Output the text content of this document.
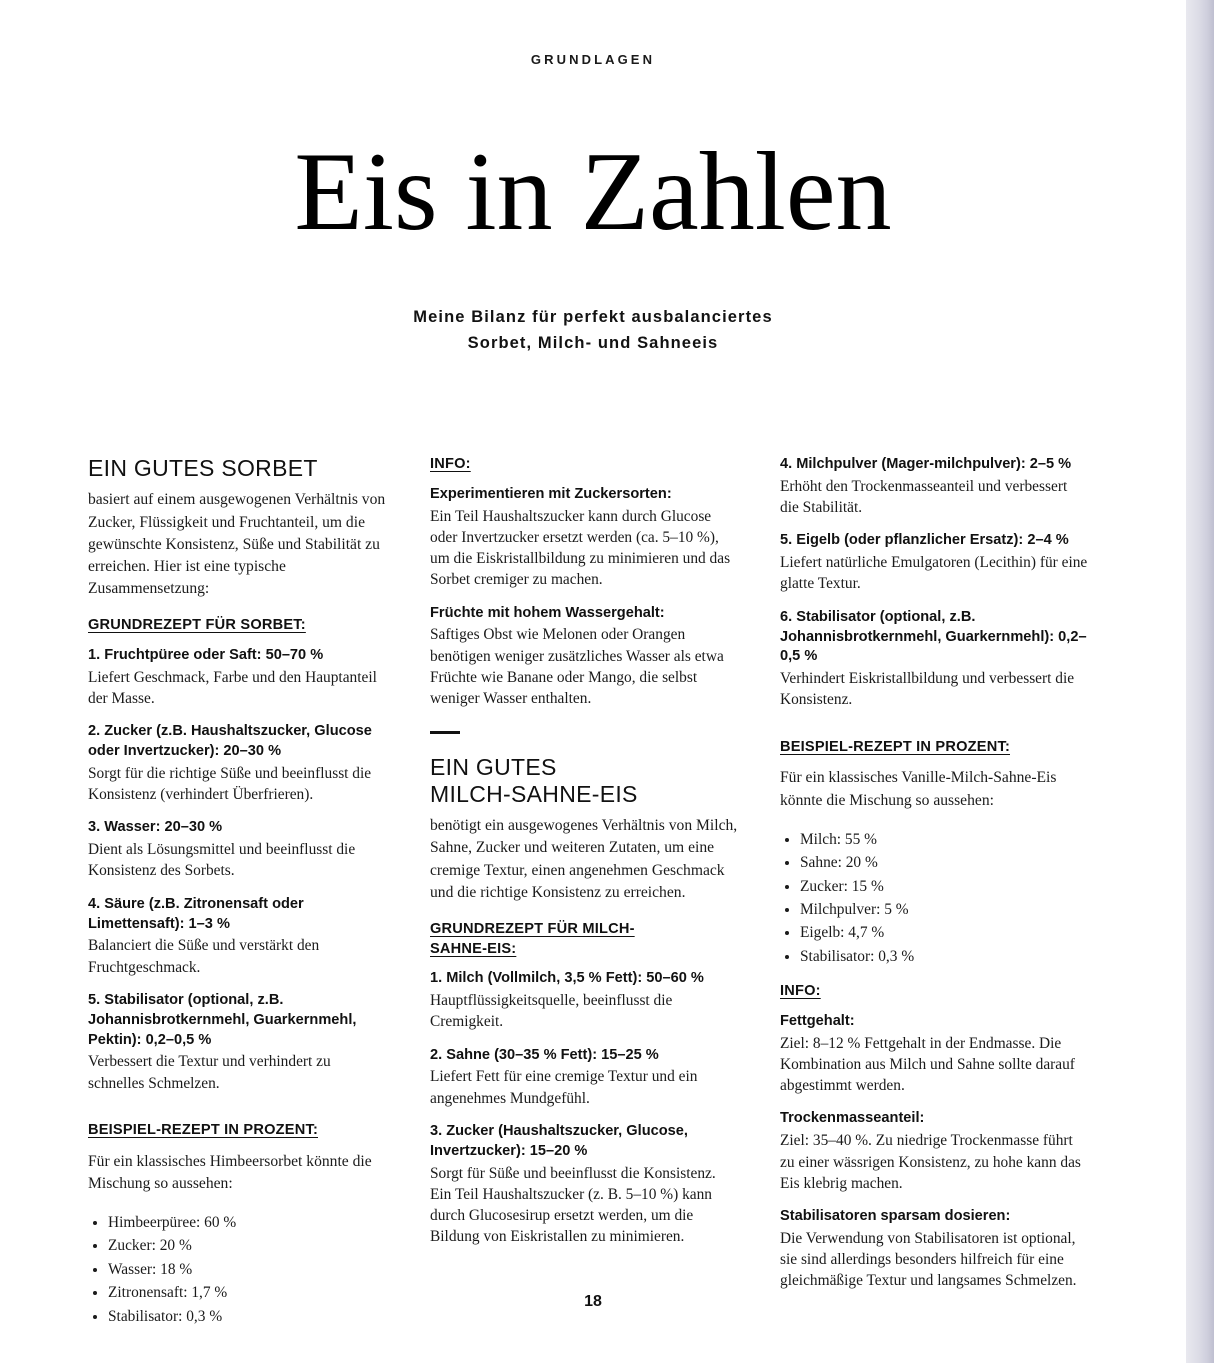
GRUNDLAGEN
Eis in Zahlen
Meine Bilanz für perfekt ausbalanciertes
Sorbet, Milch- und Sahneeis
EIN GUTES SORBET

basiert auf einem ausgewogenen Verhältnis von Zucker, Flüssigkeit und Fruchtanteil, um die gewünschte Konsistenz, Süße und Stabilität zu erreichen. Hier ist eine typische Zusammensetzung:

GRUNDREZEPT FÜR SORBET:
1. Fruchtpüree oder Saft: 50–70 %
Liefert Geschmack, Farbe und den Hauptanteil der Masse.
2. Zucker (z.B. Haushaltszucker, Glucose oder Invertzucker): 20–30 %
Sorgt für die richtige Süße und beeinflusst die Konsistenz (verhindert Überfrieren).
3. Wasser: 20–30 %
Dient als Lösungsmittel und beeinflusst die Konsistenz des Sorbets.
4. Säure (z.B. Zitronensaft oder Limettensaft): 1–3 %
Balanciert die Süße und verstärkt den Fruchtgeschmack.
5. Stabilisator (optional, z.B. Johannisbrotkernmehl, Guarkernmehl, Pektin): 0,2–0,5 %
Verbessert die Textur und verhindert zu schnelles Schmelzen.
BEISPIEL-REZEPT IN PROZENT:

Für ein klassisches Himbeersorbet könnte die Mischung so aussehen:

• Himbeerpüree: 60 %
• Zucker: 20 %
• Wasser: 18 %
• Zitronensaft: 1,7 %
• Stabilisator: 0,3 %
INFO:
Experimentieren mit Zuckersorten:
Ein Teil Haushaltszucker kann durch Glucose oder Invertzucker ersetzt werden (ca. 5–10 %), um die Eiskristallbildung zu minimieren und das Sorbet cremiger zu machen.
Früchte mit hohem Wassergehalt:
Saftiges Obst wie Melonen oder Orangen benötigen weniger zusätzliches Wasser als etwa Früchte wie Banane oder Mango, die selbst weniger Wasser enthalten.
EIN GUTES
MILCH-SAHNE-EIS

benötigt ein ausgewogenes Verhältnis von Milch, Sahne, Zucker und weiteren Zutaten, um eine cremige Textur, einen angenehmen Geschmack und die richtige Konsistenz zu erreichen.

GRUNDREZEPT FÜR MILCH-
SAHNE-EIS:
1. Milch (Vollmilch, 3,5 % Fett): 50–60 %
Hauptflüssigkeitsquelle, beeinflusst die Cremigkeit.
2. Sahne (30–35 % Fett): 15–25 %
Liefert Fett für eine cremige Textur und ein angenehmes Mundgefühl.
3. Zucker (Haushaltszucker, Glucose, Invertzucker): 15–20 %
Sorgt für Süße und beeinflusst die Konsistenz. Ein Teil Haushaltszucker (z. B. 5–10 %) kann durch Glucosesirup ersetzt werden, um die Bildung von Eiskristallen zu minimieren.
4. Milchpulver (Mager-milchpulver): 2–5 %
Erhöht den Trockenmasseanteil und verbessert die Stabilität.
5. Eigelb (oder pflanzlicher Ersatz): 2–4 %
Liefert natürliche Emulgatoren (Lecithin) für eine glatte Textur.
6. Stabilisator (optional, z.B. Johannisbrotkernmehl, Guarkernmehl): 0,2–0,5 %
Verhindert Eiskristallbildung und verbessert die Konsistenz.
BEISPIEL-REZEPT IN PROZENT:

Für ein klassisches Vanille-Milch-Sahne-Eis könnte die Mischung so aussehen:

• Milch: 55 %
• Sahne: 20 %
• Zucker: 15 %
• Milchpulver: 5 %
• Eigelb: 4,7 %
• Stabilisator: 0,3 %
INFO:
Fettgehalt:
Ziel: 8–12 % Fettgehalt in der Endmasse. Die Kombination aus Milch und Sahne sollte darauf abgestimmt werden.
Trockenmasseanteil:
Ziel: 35–40 %. Zu niedrige Trockenmasse führt zu einer wässrigen Konsistenz, zu hohe kann das Eis klebrig machen.
Stabilisatoren sparsam dosieren:
Die Verwendung von Stabilisatoren ist optional, sie sind allerdings besonders hilfreich für eine gleichmäßige Textur und langsames Schmelzen.
18
